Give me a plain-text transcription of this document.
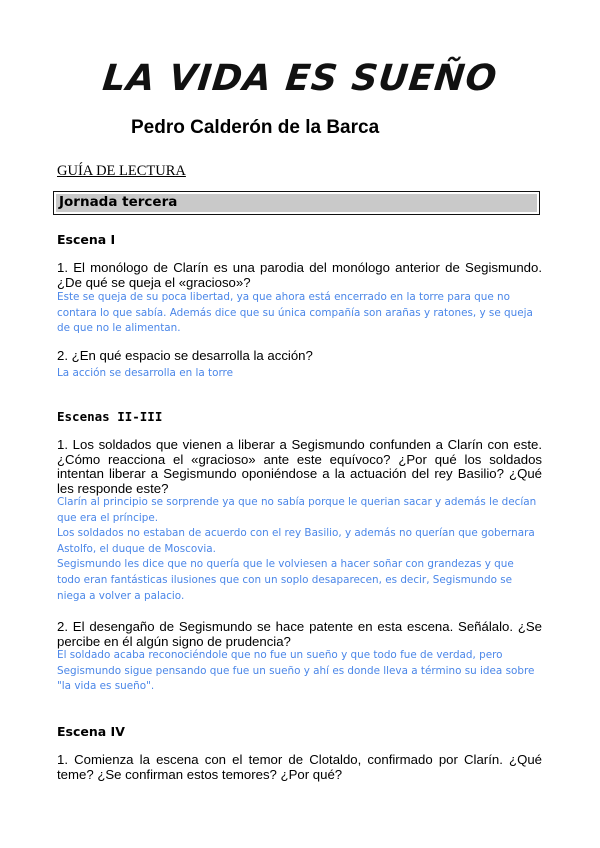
LA VIDA ES SUEÑO
Pedro Calderón de la Barca
GUÍA DE LECTURA
Jornada tercera
Escena I
1. El monólogo de Clarín es una parodia del monólogo anterior de Segismundo. ¿De qué se queja el «gracioso»?
Este se queja de su poca libertad, ya que ahora está encerrado en la torre para que no
contara lo que sabía. Además dice que su única compañía son arañas y ratones, y se queja
de que no le alimentan.
2. ¿En qué espacio se desarrolla la acción?
La acción se desarrolla en la torre
Escenas II-III
1. Los soldados que vienen a liberar a Segismundo confunden a Clarín con este. ¿Cómo reacciona el «gracioso» ante este equívoco? ¿Por qué los soldados intentan liberar a Segismundo oponiéndose a la actuación del rey Basilio? ¿Qué les responde este?
Clarín al principio se sorprende ya que no sabía porque le querian sacar y además le decían
que era el príncipe.
Los soldados no estaban de acuerdo con el rey Basilio, y además no querían que gobernara
Astolfo, el duque de Moscovia.
Segismundo les dice que no quería que le volviesen a hacer soñar con grandezas y que
todo eran fantásticas ilusiones que con un soplo desaparecen, es decir, Segismundo se
niega a volver a palacio.
2. El desengaño de Segismundo se hace patente en esta escena. Señálalo. ¿Se percibe en él algún signo de prudencia?
El soldado acaba reconociéndole que no fue un sueño y que todo fue de verdad, pero
Segismundo sigue pensando que fue un sueño y ahí es donde lleva a término su idea sobre
"la vida es sueño".
Escena IV
1. Comienza la escena con el temor de Clotaldo, confirmado por Clarín. ¿Qué teme? ¿Se confirman estos temores? ¿Por qué?
